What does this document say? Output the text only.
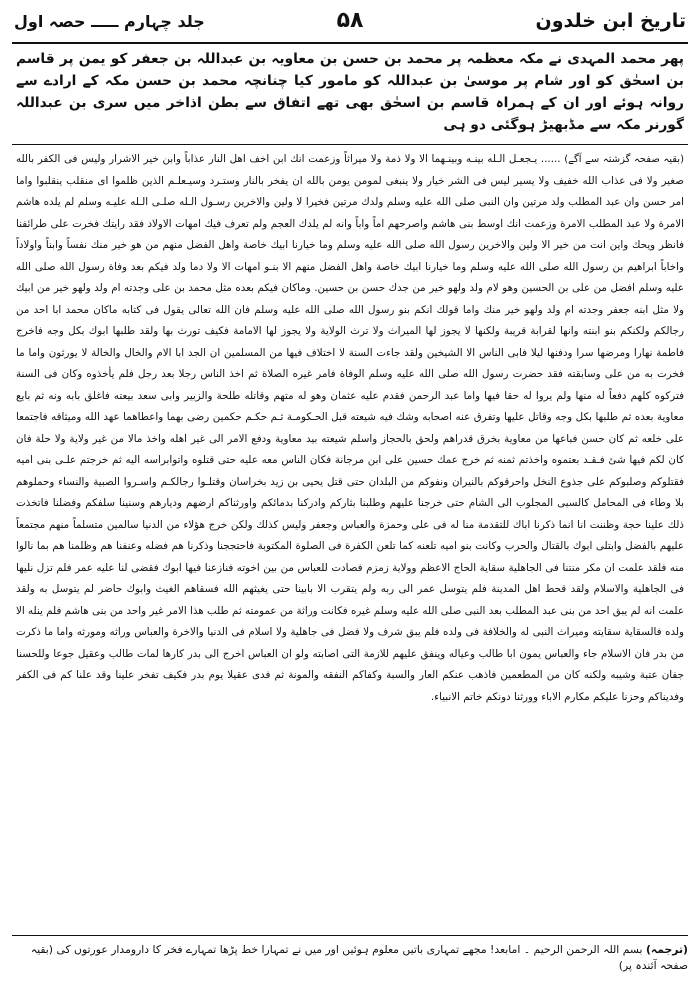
تاریخ ابن خلدون
۵۸
جلد چہارم ـــــ حصہ اول
پھر محمد المہدی نے مکہ معظمہ پر محمد بن حسن بن معاویہ بن عبداللہ بن جعفر کو یمن پر قاسم بن اسحٰق کو اور شام پر موسیٰ بن عبداللہ کو مامور کیا چنانچہ محمد بن حسن مکہ کے ارادے سے روانہ ہوئے اور ان کے ہمراہ قاسم بن اسحٰق بھی تھے اتفاق سے بطن اذاخر میں سری بن عبداللہ گورنر مکہ سے مڈبھیڑ ہوگئی دو ہی

(بقیہ صفحہ گزشتہ سے آگے) ...... يـجعـل الـله بينـه وبينـهما الا ولا ذمة ولا ميراثاً وزعمت انك ابن اخف اهل النار عذاباً وابن خير الاشرار وليس فى الكفر بالله صغير ولا فى عذاب الله خفيف ولا يسير ليس فى الشر خيار ولا ينبغى لمومن يومن بالله ان يفخر بالنار وستـرد وسيـعلـم الذين ظلموا اى منقلب ينقلبوا واما امر حسن وان عبد المطلب ولد مرتين وان النبى صلى الله عليه وسلم ولدك مرتين فخيرا لا ولين والاخرين رسـول الـله صلـى الـله عليـه وسلم لم يلده هاشم الامرة ولا عبد المطلب الامرة وزعمت انك اوسط بنى هاشم واصرحهم اماً واباً وانه لم يلدك العجم ولم تعرف فيك امهات الاولاد فقد رايتك فخرت على طرائفنا فانظر ويحك واين انت من خير الا ولين والاخرين رسول الله صلى الله عليه وسلم وما خيارنا ابيك خاصة واهل الفضل منهم من هو خير منك نفساً وابناً واولاداً واخاباً ابراهيم بن رسول الله صلى الله عليه وسلم وما خيارنا ابيك خاصة واهل الفضل منهم الا بنـو امهات الا ولا دما ولد فيكم بعد وفاة رسول الله صلى الله عليه وسلم افضل من على بن الحسين وهو لام ولد ولهو خير من جدك حسن بن حسين. وماكان فيكم بعده مثل محمد بن على وجدته ام ولد ولهو خير من ابيك ولا مثل ابنه جعفر وجدته ام ولد ولهو خير منك واما قولك انكم بنو رسول الله صلى الله عليه وسلم فان الله تعالى يقول فى كتابه ماكان محمد ابا احد من رجالكم ولكنكم بنو ابنته وانها لقرابة قريبة ولكنها لا يجوز لها الميراث ولا ترث الولاية ولا يجوز لها الامامة فكيف تورث بها ولقد طلبها ابوك بكل وجه فاخرج فاطمة نهارا ومرضها سرا ودفنها ليلا فابى الناس الا الشيخين ولقد جاءت السنة لا اختلاف فيها من المسلمين ان الجد ابا الام والخال والخالة لا يورثون واما ما فخرت به من على وسابقته فقد حضرت رسول الله صلى الله عليه وسلم الوفاة فامر غيره الصلاة ثم اخذ الناس رجلا بعد رجل فلم يأخذوه وكان فى السنة فتركوه كلهم دفعاً له منها ولم يروا له حقا فيها واما عبد الرحمن فقدم عليه عثمان وهو له متهم وقاتله طلحة والزبير وابى سعد بيعته فاغلق بابه ونه ثم بايع معاوية بعده ثم طلبها بكل وجه وقاتل عليها وتفرق عنه اصحابه وشك فيه شيعته قبل الحـكومـة ثـم حكـم حكمين رضى بهما واعطاهما عهد الله وميثاقه فاجتمعا على خلعه ثم كان حسن فباعها من معاوية بخرق قدراهم ولحق بالحجاز واسلم شيعته بيد معاوية ودفع الامر الى غير اهله واخذ مالا من غير ولاية ولا حلة فان كان لكم فيها شئ فـقـد بعتموه واخذتم ثمنه ثم خرج عمك حسين على ابن مرجانة فكان الناس معه عليه حتى قتلوه واتوابراسه اليه ثم خرجتم علـى بنى اميه فقتلوكم وصلبوكم على جذوع النخل واحرقوكم بالنيران ونفوكم من البلدان حتى قتل يحيى بن زيد بخراسان وقتلـوا رجالكـم واسـروا الصبية والنساء وحملوهم بلا وطاء فى المحامل كالسبى المجلوب الى الشام حتى خرجنا عليهم وطلبنا بثاركم وادركنا بدمائكم واورثناكم ارضهم وديارهم وسنينا سلفكم وفضلنا فاتخذت ذلك علينا حجة وظننت انا انما ذكرنا اباك للتقدمة منا له فى على وحمزة والعباس وجعفر وليس كذلك ولكن خرج هؤلاء من الدنيا سالمين متسلماً منهم مجتمعاً عليهم بالفضل وابتلى ابوك بالقتال والحرب وكانت بنو اميه تلعنه كما تلعن الكفرة فى الصلوة المكتوبة فاحتججنا وذكرنا هم فضله وعنفنا هم وظلمنا هم بما نالوا منه فلقد علمت ان مكر منتنا فى الجاهلية سقاية الحاج الاعظم وولاية زمزم فصادت للعباس من بين اخوته فنازعنا فيها ابوك فقضى لنا عليه عمر فلم تزل نليها فى الجاهلية والاسلام ولقد قحط اهل المدينة فلم يتوسل عمر الى ربه ولم يتقرب الا بابينا حتى يغيثهم الله فسقاهم الغيث وابوك حاضر لم يتوسل به ولقد علمت انه لم يبق احد من بنى عبد المطلب بعد النبى صلى الله عليه وسلم غيره فكانت وراثة من عمومته ثم طلب هذا الامر غير واحد من بنى هاشم فلم ينله الا ولده فالسقاية سقايته وميراث النبى له والخلافة فى ولده فلم يبق شرف ولا فضل فى جاهلية ولا اسلام فى الدنيا والاخرة والعباس وراثه ومورثه واما ما ذكرت من بدر فان الاسلام جاء والعباس يمون ابا طالب وعياله وينفق عليهم للازمة التى اصابته ولو ان العباس اخرج الى بدر كارها لمات طالب وعقيل جوعا وللحسنا جفان عتبة وشيبه ولكنه كان من المطعمين فاذهب عنكم العار والسبة وكفاكم النفقه والمونة ثم فدى عقيلا يوم بدر فكيف تفخر علينا وقد علنا كم فى الكفر وفديناكم وحزنا عليكم مكارم الاباء وورثنا دونكم خاتم الانبياء.

(ترجمہ) بسم اللہ الرحمن الرحیم ۔ امابعد! مجھے تمہاری باتیں معلوم ہوئیں اور میں نے تمہارا خط پڑھا تمہارے فخر کا دارومدار عورتوں کی (بقیہ صفحہ آئندہ پر)
